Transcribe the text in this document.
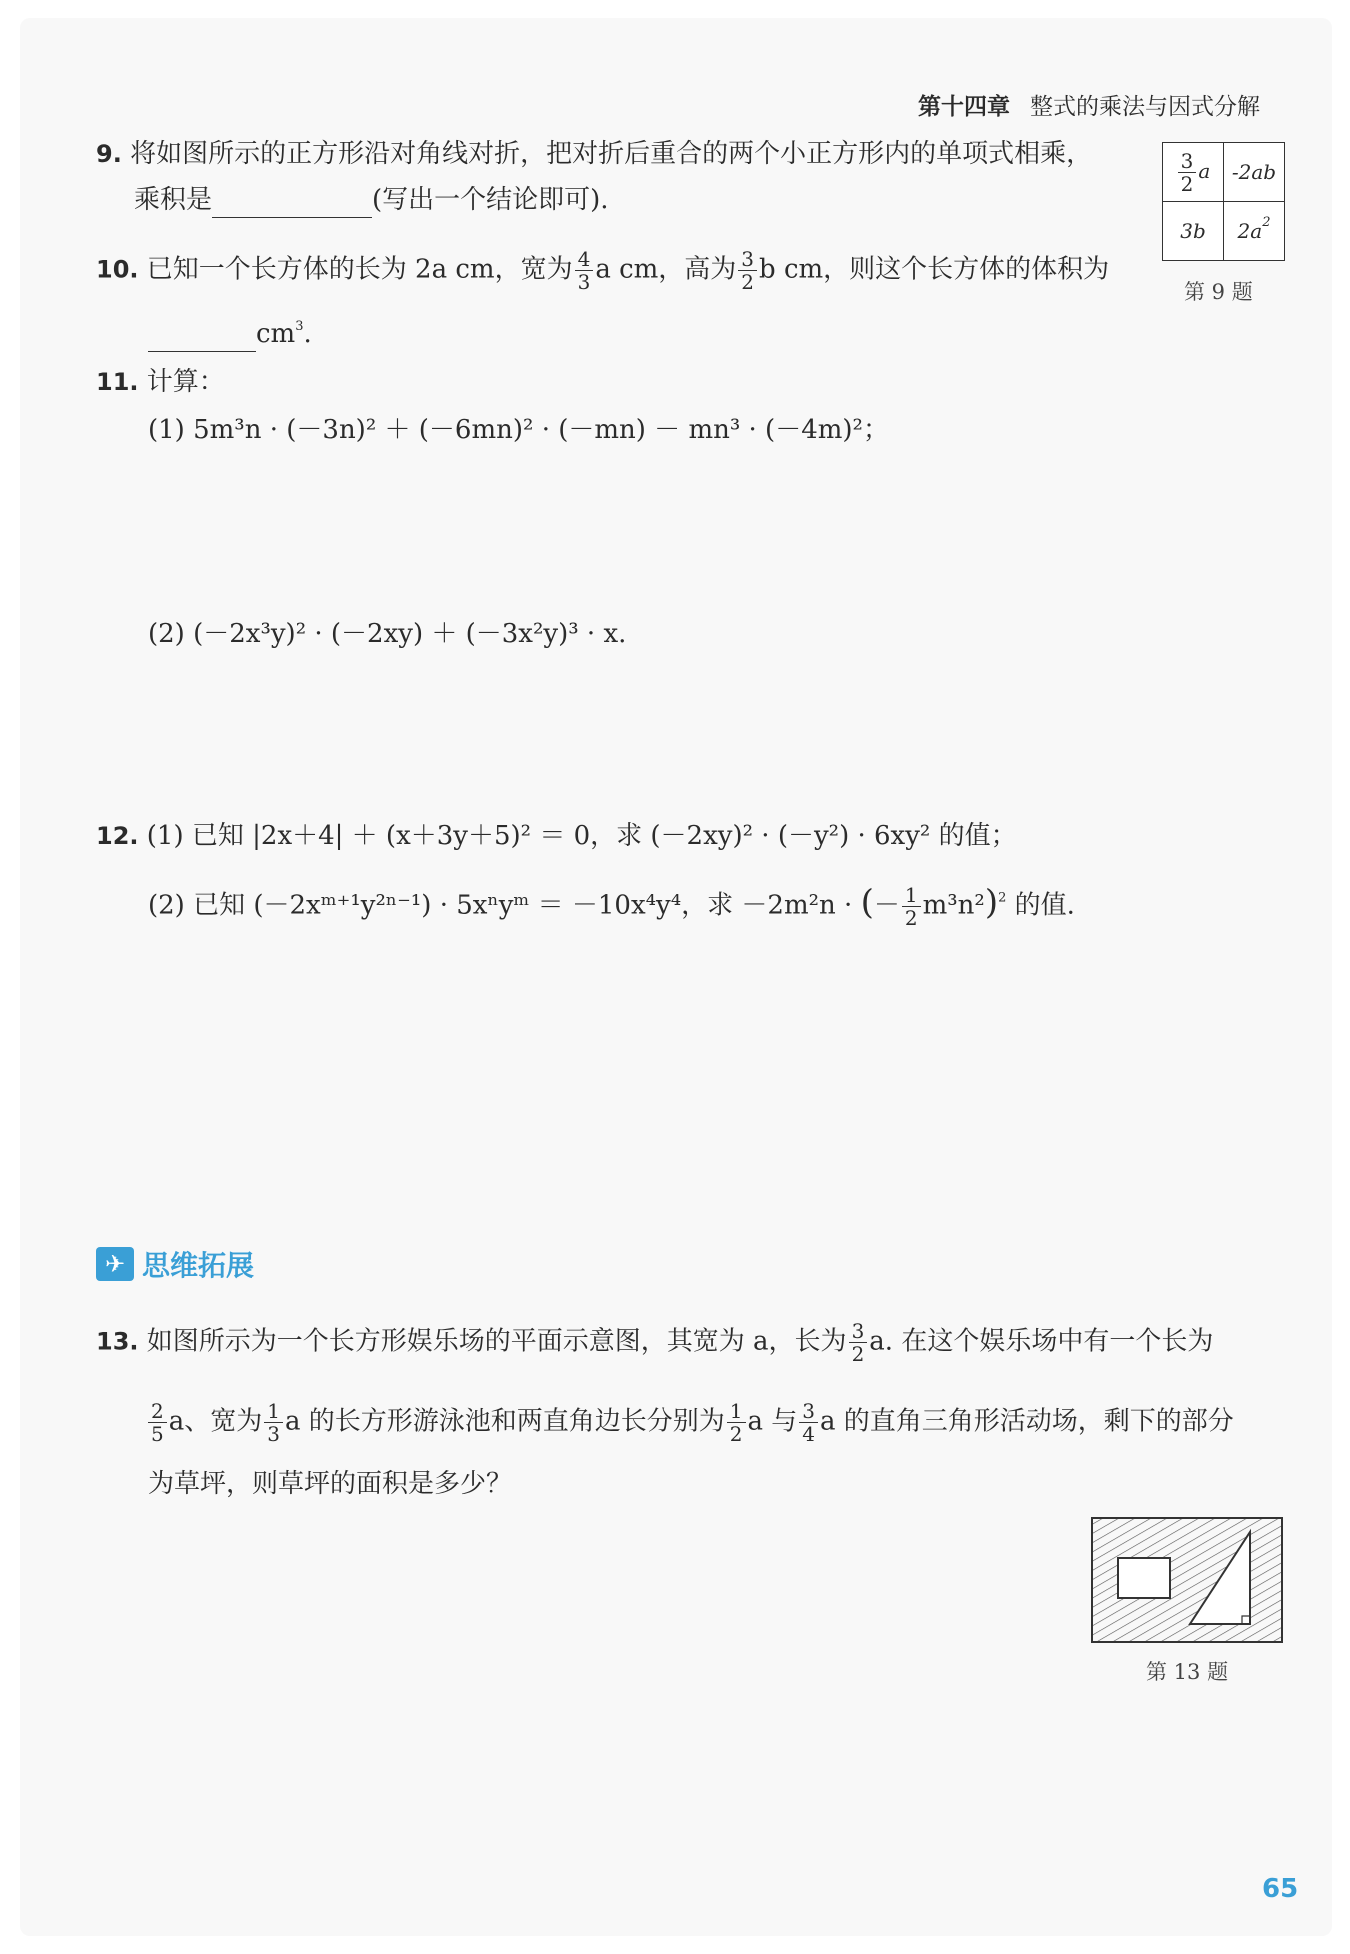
第十四章 整式的乘法与因式分解
9. 将如图所示的正方形沿对角线对折，把对折后重合的两个小正方形内的单项式相乘，
乘积是	(写出一个结论即可).
$\frac{3}{2}$ a	-2ab
3b	$2a^2$
第 9 题
10. 已知一个长方体的长为 2a cm，宽为 $\frac{4}{3}$ a cm，高为 $\frac{3}{2}$ b cm，则这个长方体的体积为
$cm^3$.
11. 计算：
(1) 5m³n · (－3n)² ＋ (－6mn)² · (－mn) － mn³ · (－4m)²；
(2) (－2x³y)² · (－2xy) ＋ (－3x²y)³ · x.
12. (1) 已知 |2x＋4| ＋ (x＋3y＋5)² ＝ 0，求 (－2xy)² · (－y²) · 6xy² 的值；
(2) 已知 (－2xᵐ⁺¹y²ⁿ⁻¹) · 5xⁿyᵐ ＝ －10x⁴y⁴，求 －2m²n · (－ $\frac{1}{2} m^3n^2)^2$ 的值.
✈ 思维拓展
13. 如图所示为一个长方形娱乐场的平面示意图，其宽为 a，长为 $\frac{3}{2} a$. 在这个娱乐场中有一个长为
$\frac{2}{5}$ a、宽为 $\frac{1}{3}$ a 的长方形游泳池和两直角边长分别为 $\frac{1}{2}$ a 与 $\frac{3}{4}$ a 的直角三角形活动场，剩下的部分
为草坪，则草坪的面积是多少？
第 13 题
65
